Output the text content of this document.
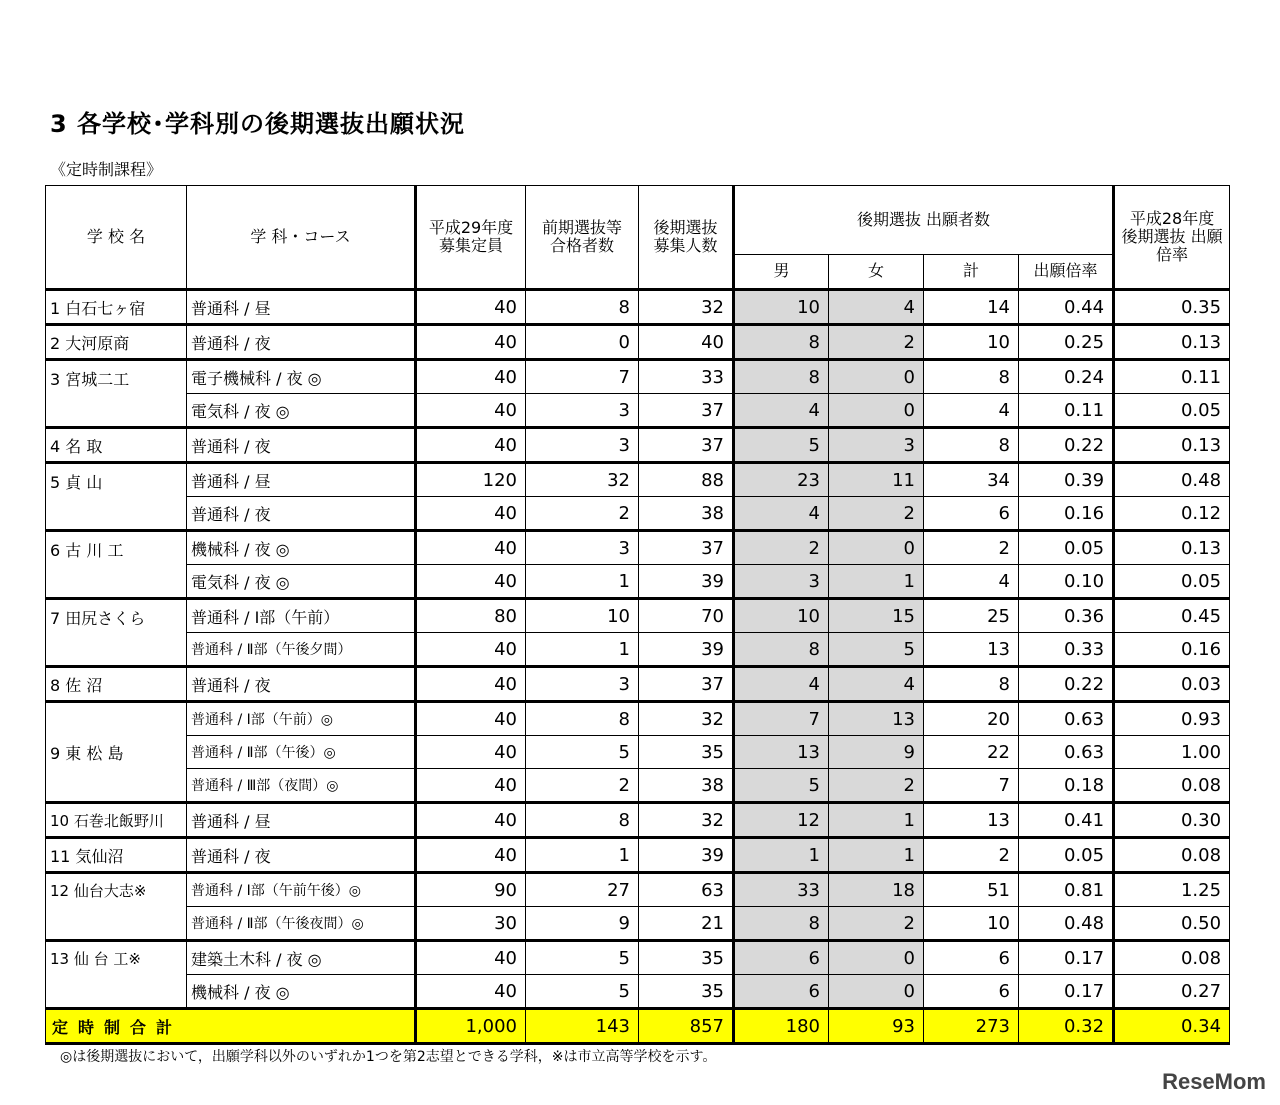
3 各学校･学科別の後期選抜出願状況
《定時制課程》
学 校 名	学 科・コース	平成29年度 募集定員	前期選抜等 合格者数	後期選抜 募集人数	後期選抜 出願者数				平成28年度 後期選抜 出願倍率
					男	女	計	出願倍率	
1 白石七ヶ宿	普通科 / 昼	40	8	32	10	4	14	0.44	0.35
2 大河原商	普通科 / 夜	40	0	40	8	2	10	0.25	0.13
3 宮城二工	電子機械科 / 夜 ◎	40	7	33	8	0	8	0.24	0.11
	電気科 / 夜 ◎	40	3	37	4	0	4	0.11	0.05
4 名 取	普通科 / 夜	40	3	37	5	3	8	0.22	0.13
5 貞 山	普通科 / 昼	120	32	88	23	11	34	0.39	0.48
	普通科 / 夜	40	2	38	4	2	6	0.16	0.12
6 古 川 工	機械科 / 夜 ◎	40	3	37	2	0	2	0.05	0.13
	電気科 / 夜 ◎	40	1	39	3	1	4	0.10	0.05
7 田尻さくら	普通科 / Ⅰ部（午前）	80	10	70	10	15	25	0.36	0.45
	普通科 / Ⅱ部（午後夕間）	40	1	39	8	5	13	0.33	0.16
8 佐 沼	普通科 / 夜	40	3	37	4	4	8	0.22	0.03
9 東 松 島	普通科 / Ⅰ部（午前）◎	40	8	32	7	13	20	0.63	0.93
	普通科 / Ⅱ部（午後）◎	40	5	35	13	9	22	0.63	1.00
	普通科 / Ⅲ部（夜間）◎	40	2	38	5	2	7	0.18	0.08
10 石巻北飯野川	普通科 / 昼	40	8	32	12	1	13	0.41	0.30
11 気仙沼	普通科 / 夜	40	1	39	1	1	2	0.05	0.08
12 仙台大志※	普通科 / Ⅰ部（午前午後）◎	90	27	63	33	18	51	0.81	1.25
	普通科 / Ⅱ部（午後夜間）◎	30	9	21	8	2	10	0.48	0.50
13 仙 台 工※	建築土木科 / 夜 ◎	40	5	35	6	0	6	0.17	0.08
	機械科 / 夜 ◎	40	5	35	6	0	6	0.17	0.27
定時制合計		1,000	143	857	180	93	273	0.32	0.34
◎は後期選抜において，出願学科以外のいずれか1つを第2志望とできる学科，※は市立高等学校を示す。
ReseMom
